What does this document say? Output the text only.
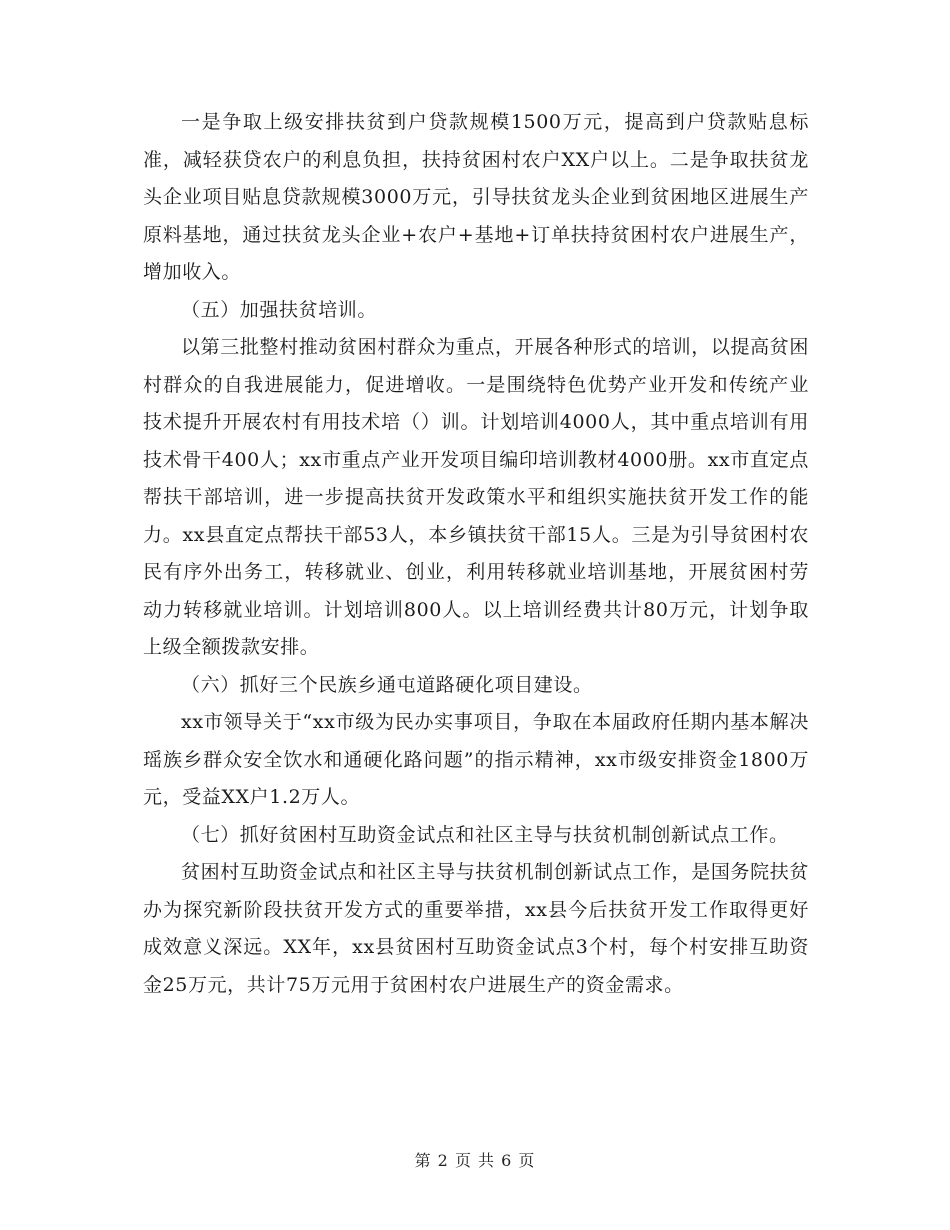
一是争取上级安排扶贫到户贷款规模1500万元，提高到户贷款贴息标准，减轻获贷农户的利息负担，扶持贫困村农户XX户以上。二是争取扶贫龙头企业项目贴息贷款规模3000万元，引导扶贫龙头企业到贫困地区进展生产原料基地，通过扶贫龙头企业+农户+基地+订单扶持贫困村农户进展生产，增加收入。

（五）加强扶贫培训。

以第三批整村推动贫困村群众为重点，开展各种形式的培训，以提高贫困村群众的自我进展能力，促进增收。一是围绕特色优势产业开发和传统产业技术提升开展农村有用技术培（）训。计划培训4000人，其中重点培训有用技术骨干400人；xx市重点产业开发项目编印培训教材4000册。xx市直定点帮扶干部培训，进一步提高扶贫开发政策水平和组织实施扶贫开发工作的能力。xx县直定点帮扶干部53人，本乡镇扶贫干部15人。三是为引导贫困村农民有序外出务工，转移就业、创业，利用转移就业培训基地，开展贫困村劳动力转移就业培训。计划培训800人。以上培训经费共计80万元，计划争取上级全额拨款安排。

（六）抓好三个民族乡通屯道路硬化项目建设。

xx市领导关于“xx市级为民办实事项目，争取在本届政府任期内基本解决瑶族乡群众安全饮水和通硬化路问题”的指示精神，xx市级安排资金1800万元，受益XX户1.2万人。

（七）抓好贫困村互助资金试点和社区主导与扶贫机制创新试点工作。

贫困村互助资金试点和社区主导与扶贫机制创新试点工作，是国务院扶贫办为探究新阶段扶贫开发方式的重要举措，xx县今后扶贫开发工作取得更好成效意义深远。XX年，xx县贫困村互助资金试点3个村，每个村安排互助资金25万元，共计75万元用于贫困村农户进展生产的资金需求。

第 2 页 共 6 页
